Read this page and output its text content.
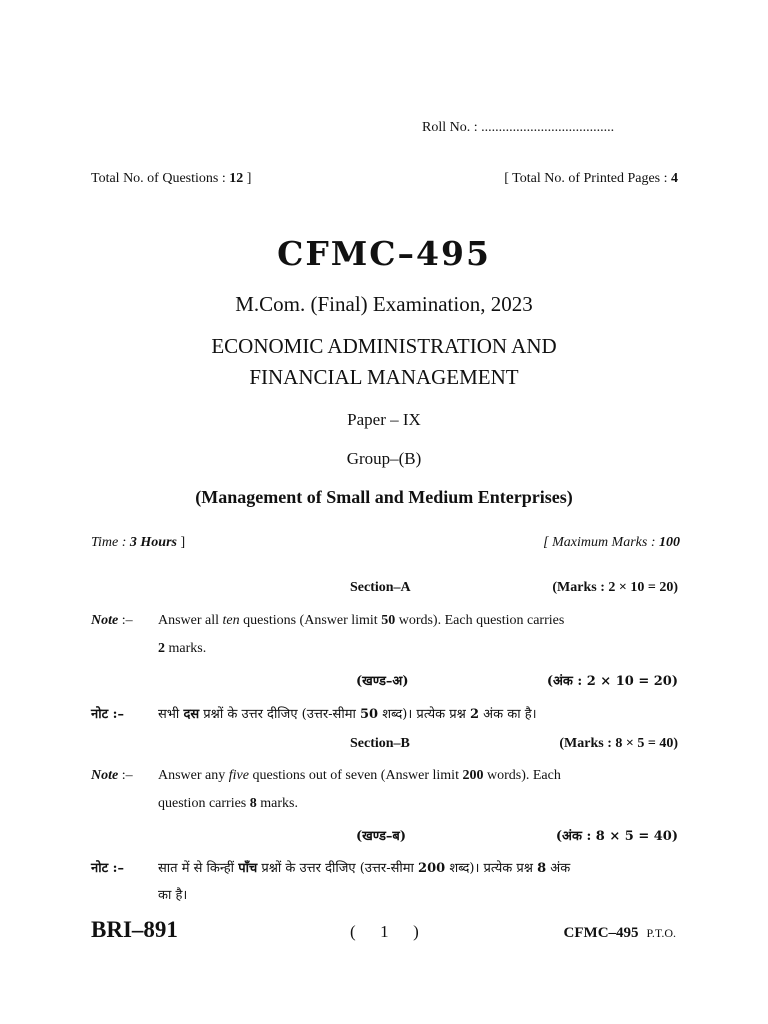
Roll No. : ......................................
Total No. of Questions : 12 ]	[ Total No. of Printed Pages : 4
CFMC–495
M.Com. (Final) Examination, 2023
ECONOMIC ADMINISTRATION AND
FINANCIAL MANAGEMENT
Paper – IX
Group–(B)
(Management of Small and Medium Enterprises)
Time : 3 Hours ]	[ Maximum Marks : 100
Section–A	(Marks : 2 × 10 = 20)
Note :– Answer all ten questions (Answer limit 50 words). Each question carries
2 marks.
(खण्ड–अ)	(अंक : 2 × 10 = 20)
नोट :–	सभी दस प्रश्नों के उत्तर दीजिए (उत्तर-सीमा 50 शब्द)। प्रत्येक प्रश्न 2 अंक का है।
Section–B	(Marks : 8 × 5 = 40)
Note :– Answer any five questions out of seven (Answer limit 200 words). Each
question carries 8 marks.
(खण्ड–ब)	(अंक : 8 × 5 = 40)
नोट :–	सात में से किन्हीं पाँच प्रश्नों के उत्तर दीजिए (उत्तर-सीमा 200 शब्द)। प्रत्येक प्रश्न 8 अंक
का है।
BRI–891	( 1 )	CFMC–495 P.T.O.
